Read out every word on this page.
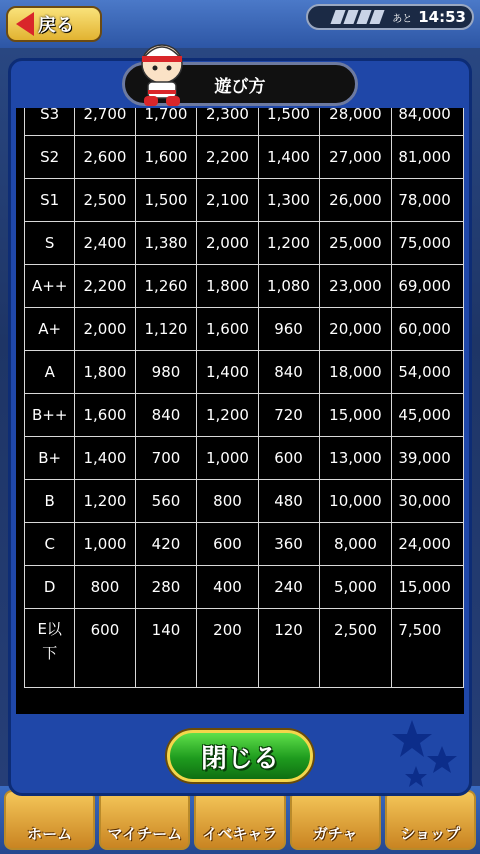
戻る	あと 14:53
ホーム マイチーム イベキャラ ガチャ	ショップ
遊び方
S3	2,700	1,700	2,300	1,500	28,000	84,000
S2	2,600	1,600	2,200	1,400	27,000	81,000
S1	2,500	1,500	2,100	1,300	26,000	78,000
S	2,400	1,380	2,000	1,200	25,000	75,000
A++	2,200	1,260	1,800	1,080	23,000	69,000
A+	2,000	1,120	1,600	960	20,000	60,000
A	1,800	980	1,400	840	18,000	54,000
B++	1,600	840	1,200	720	15,000	45,000
B+	1,400	700	1,000	600	13,000	39,000
B	1,200	560	800	480	10,000	30,000
C	1,000	420	600	360	8,000	24,000
D	800	280	400	240	5,000	15,000
E以
下	600	140	200	120	2,500	7,500
閉じる
